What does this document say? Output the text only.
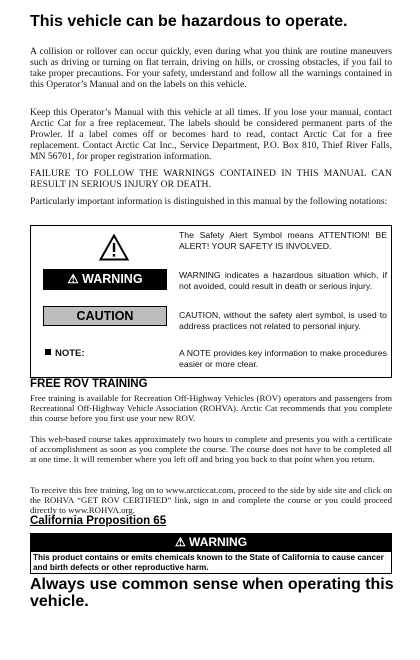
This vehicle can be hazardous to operate.
A collision or rollover can occur quickly, even during what you think are routine maneuvers such as driving or turning on flat terrain, driving on hills, or crossing obstacles, if you fail to take proper precautions. For your safety, understand and follow all the warnings contained in this Operator’s Manual and on the labels on this vehicle.
Keep this Operator’s Manual with this vehicle at all times. If you lose your manual, contact Arctic Cat for a free replacement. The labels should be considered permanent parts of the Prowler. If a label comes off or becomes hard to read, contact Arctic Cat for a free replacement. Contact Arctic Cat Inc., Service Department, P.O. Box 810, Thief River Falls, MN 56701, for proper registration information.
FAILURE TO FOLLOW THE WARNINGS CONTAINED IN THIS MANUAL CAN RESULT IN SERIOUS INJURY OR DEATH.
Particularly important information is distinguished in this manual by the following notations:
The Safety Alert Symbol means ATTENTION! BE ALERT! YOUR SAFETY IS INVOLVED.
⚠ WARNING	WARNING indicates a hazardous situation which, if not avoided, could result in death or serious injury.
CAUTION	CAUTION, without the safety alert symbol, is used to address practices not related to personal injury.
NOTE:	A NOTE provides key information to make procedures easier or more clear.
FREE ROV TRAINING
Free training is available for Recreation Off-Highway Vehicles (ROV) operators and passengers from Recreational Off-Highway Vehicle Association (ROHVA). Arctic Cat recommends that you complete this course before you first use your new ROV.
This web-based course takes approximately two hours to complete and presents you with a certificate of accomplishment as soon as you complete the course. The course does not have to be completed all at one time. It will remember where you left off and bring you back to that point when you return.
To receive this free training, log on to www.arcticcat.com, proceed to the side by side site and click on the ROHVA “GET ROV CERTIFIED” link, sign in and complete the course or you could proceed directly to www.ROHVA.org.
California Proposition 65
⚠ WARNING
This product contains or emits chemicals known to the State of California to cause cancer and birth defects or other reproductive harm.
Always use common sense when operating this vehicle.
